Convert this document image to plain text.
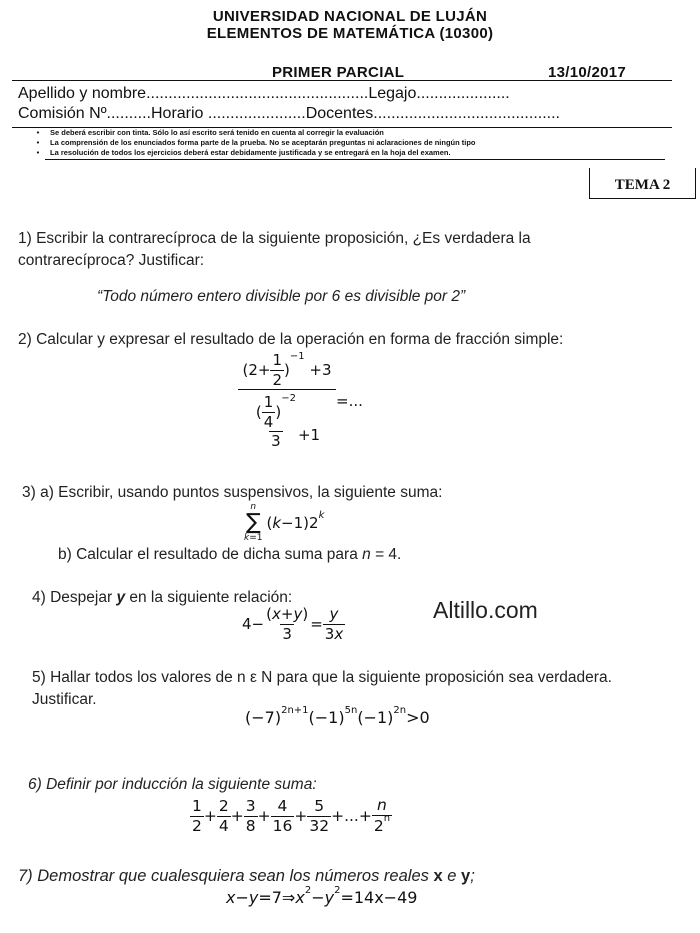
UNIVERSIDAD NACIONAL DE LUJÁN
ELEMENTOS DE MATEMÁTICA (10300)
PRIMER PARCIAL	13/10/2017
Apellido y nombre..................................................Legajo.....................
Comisión Nº..........Horario ......................Docentes..........................................
• Se deberá escribir con tinta. Sólo lo así escrito será tenido en cuenta al corregir la evaluación
• La comprensión de los enunciados forma parte de la prueba. No se aceptarán preguntas ni aclaraciones de ningún tipo
• La resolución de todos los ejercicios deberá estar debidamente justificada y se entregará en la hoja del examen.
TEMA 2
1) Escribir la contrarecíproca de la siguiente proposición, ¿Es verdadera la contrarecíproca? Justificar:
“Todo número entero divisible por 6 es divisible por 2”
2) Calcular y expresar el resultado de la operación en forma de fracción simple:
(2+
1
2
)
$^{-1}$
+3
(
1
4
)
$^{-2}$
3 +1 =...
3) a) Escribir, usando puntos suspensivos, la siguiente suma:
n
∑
k=1
$(k-1)2^k$
b) Calcular el resultado de dicha suma para n = 4.
4) Despejar y en la siguiente relación:
$4- \frac{(x+y)}{3} = \frac{y}{3x}$	Altillo.com
5) Hallar todos los valores de n ε N para que la siguiente proposición sea verdadera. Justificar.
$(-7)^{2n+1}(-1)^{5n}(-1)^{2n}>0$
6) Definir por inducción la siguiente suma:
1
2
+
2
4
+
3
8
+
4
16
+
5
32
+...+
n
2$^n$
7) Demostrar que cualesquiera sean los números reales x e y;
$x-y=7\Rightarrow x^2-y^2=14x-49$
